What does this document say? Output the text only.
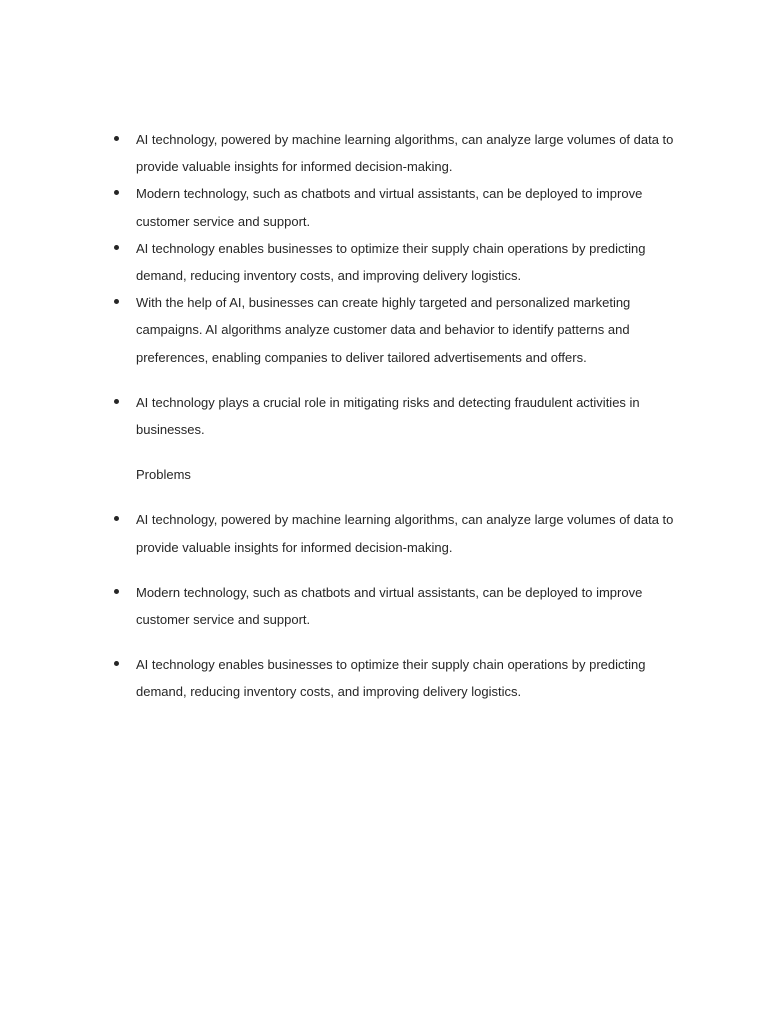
AI technology, powered by machine learning algorithms, can analyze large volumes of data to provide valuable insights for informed decision-making.
Modern technology, such as chatbots and virtual assistants, can be deployed to improve customer service and support.
AI technology enables businesses to optimize their supply chain operations by predicting demand, reducing inventory costs, and improving delivery logistics.
With the help of AI, businesses can create highly targeted and personalized marketing campaigns. AI algorithms analyze customer data and behavior to identify patterns and preferences, enabling companies to deliver tailored advertisements and offers.
AI technology plays a crucial role in mitigating risks and detecting fraudulent activities in businesses.

Problems

AI technology, powered by machine learning algorithms, can analyze large volumes of data to provide valuable insights for informed decision-making.
Modern technology, such as chatbots and virtual assistants, can be deployed to improve customer service and support.
AI technology enables businesses to optimize their supply chain operations by predicting demand, reducing inventory costs, and improving delivery logistics.
